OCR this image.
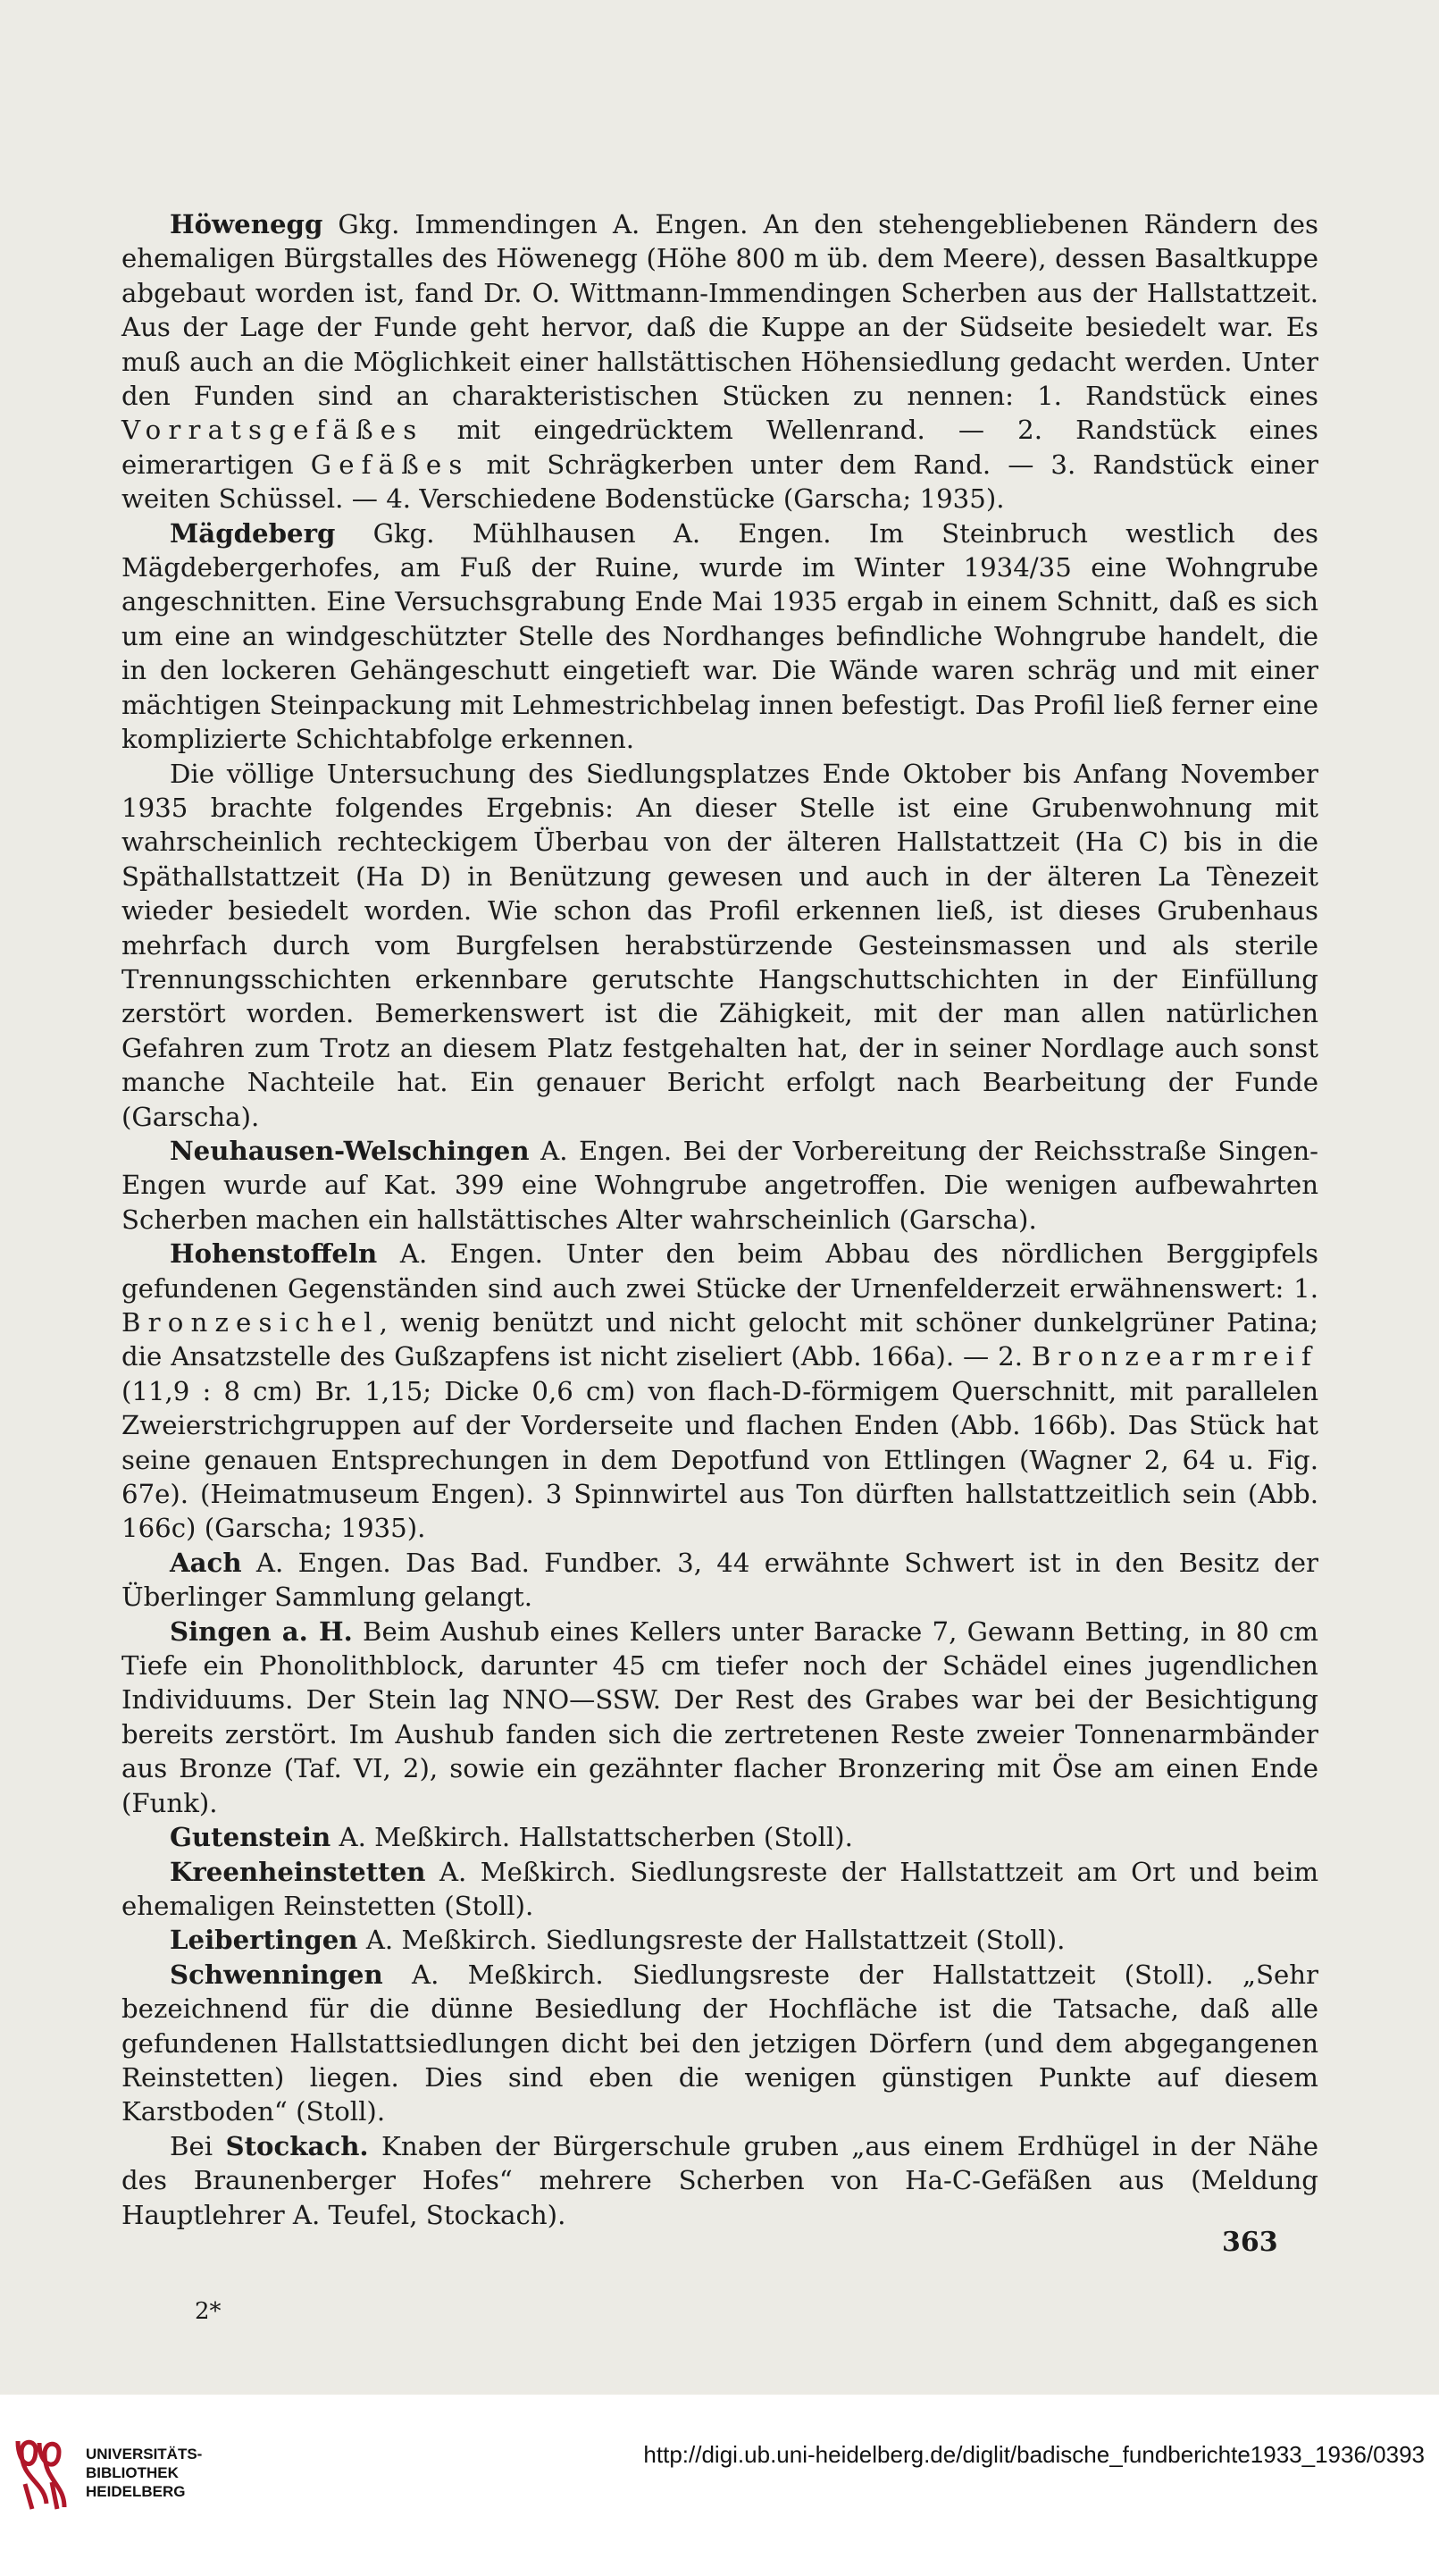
Höwenegg Gkg. Immendingen A. Engen. An den stehengebliebenen Rändern des ehemaligen Bürgstalles des Höwenegg (Höhe 800 m üb. dem Meere), dessen Basaltkuppe abgebaut worden ist, fand Dr. O. Wittmann-Immendingen Scherben aus der Hallstattzeit. Aus der Lage der Funde geht hervor, daß die Kuppe an der Südseite besiedelt war. Es muß auch an die Möglichkeit einer hallstättischen Höhensiedlung gedacht werden. Unter den Funden sind an charakteristischen Stücken zu nennen: 1. Randstück eines Vorratsgefäßes mit eingedrücktem Wellenrand. — 2. Randstück eines eimerartigen Gefäßes mit Schrägkerben unter dem Rand. — 3. Randstück einer weiten Schüssel. — 4. Verschiedene Bodenstücke (Garscha; 1935).

Mägdeberg Gkg. Mühlhausen A. Engen. Im Steinbruch westlich des Mägdebergerhofes, am Fuß der Ruine, wurde im Winter 1934/35 eine Wohngrube angeschnitten. Eine Versuchsgrabung Ende Mai 1935 ergab in einem Schnitt, daß es sich um eine an windgeschützter Stelle des Nordhanges befindliche Wohngrube handelt, die in den lockeren Gehängeschutt eingetieft war. Die Wände waren schräg und mit einer mächtigen Steinpackung mit Lehmestrichbelag innen befestigt. Das Profil ließ ferner eine komplizierte Schichtabfolge erkennen.

Die völlige Untersuchung des Siedlungsplatzes Ende Oktober bis Anfang November 1935 brachte folgendes Ergebnis: An dieser Stelle ist eine Grubenwohnung mit wahrscheinlich rechteckigem Überbau von der älteren Hallstattzeit (Ha C) bis in die Späthallstattzeit (Ha D) in Benützung gewesen und auch in der älteren La Tènezeit wieder besiedelt worden. Wie schon das Profil erkennen ließ, ist dieses Grubenhaus mehrfach durch vom Burgfelsen herabstürzende Gesteinsmassen und als sterile Trennungsschichten erkennbare gerutschte Hangschuttschichten in der Einfüllung zerstört worden. Bemerkenswert ist die Zähigkeit, mit der man allen natürlichen Gefahren zum Trotz an diesem Platz festgehalten hat, der in seiner Nordlage auch sonst manche Nachteile hat. Ein genauer Bericht erfolgt nach Bearbeitung der Funde (Garscha).

Neuhausen-Welschingen A. Engen. Bei der Vorbereitung der Reichsstraße Singen-Engen wurde auf Kat. 399 eine Wohngrube angetroffen. Die wenigen aufbewahrten Scherben machen ein hallstättisches Alter wahrscheinlich (Garscha).

Hohenstoffeln A. Engen. Unter den beim Abbau des nördlichen Berggipfels gefundenen Gegenständen sind auch zwei Stücke der Urnenfelderzeit erwähnenswert: 1. Bronzesichel, wenig benützt und nicht gelocht mit schöner dunkelgrüner Patina; die Ansatzstelle des Gußzapfens ist nicht ziseliert (Abb. 166a). — 2. Bronzearmreif (11,9 : 8 cm) Br. 1,15; Dicke 0,6 cm) von flach-D-förmigem Querschnitt, mit parallelen Zweierstrichgruppen auf der Vorderseite und flachen Enden (Abb. 166b). Das Stück hat seine genauen Entsprechungen in dem Depotfund von Ettlingen (Wagner 2, 64 u. Fig. 67e). (Heimatmuseum Engen). 3 Spinnwirtel aus Ton dürften hallstattzeitlich sein (Abb. 166c) (Garscha; 1935).

Aach A. Engen. Das Bad. Fundber. 3, 44 erwähnte Schwert ist in den Besitz der Überlinger Sammlung gelangt.

Singen a. H. Beim Aushub eines Kellers unter Baracke 7, Gewann Betting, in 80 cm Tiefe ein Phonolithblock, darunter 45 cm tiefer noch der Schädel eines jugendlichen Individuums. Der Stein lag NNO—SSW. Der Rest des Grabes war bei der Besichtigung bereits zerstört. Im Aushub fanden sich die zertretenen Reste zweier Tonnenarmbänder aus Bronze (Taf. VI, 2), sowie ein gezähnter flacher Bronzering mit Öse am einen Ende (Funk).

Gutenstein A. Meßkirch. Hallstattscherben (Stoll).

Kreenheinstetten A. Meßkirch. Siedlungsreste der Hallstattzeit am Ort und beim ehemaligen Reinstetten (Stoll).

Leibertingen A. Meßkirch. Siedlungsreste der Hallstattzeit (Stoll).

Schwenningen A. Meßkirch. Siedlungsreste der Hallstattzeit (Stoll). „Sehr bezeichnend für die dünne Besiedlung der Hochfläche ist die Tatsache, daß alle gefundenen Hallstattsiedlungen dicht bei den jetzigen Dörfern (und dem abgegangenen Reinstetten) liegen. Dies sind eben die wenigen günstigen Punkte auf diesem Karstboden“ (Stoll).

Bei Stockach. Knaben der Bürgerschule gruben „aus einem Erdhügel in der Nähe des Braunenberger Hofes“ mehrere Scherben von Ha-C-Gefäßen aus (Meldung Hauptlehrer A. Teufel, Stockach).

363
2*
UNIVERSITÄTS-
BIBLIOTHEK
HEIDELBERG
http://digi.ub.uni-heidelberg.de/diglit/badische_fundberichte1933_1936/0393
